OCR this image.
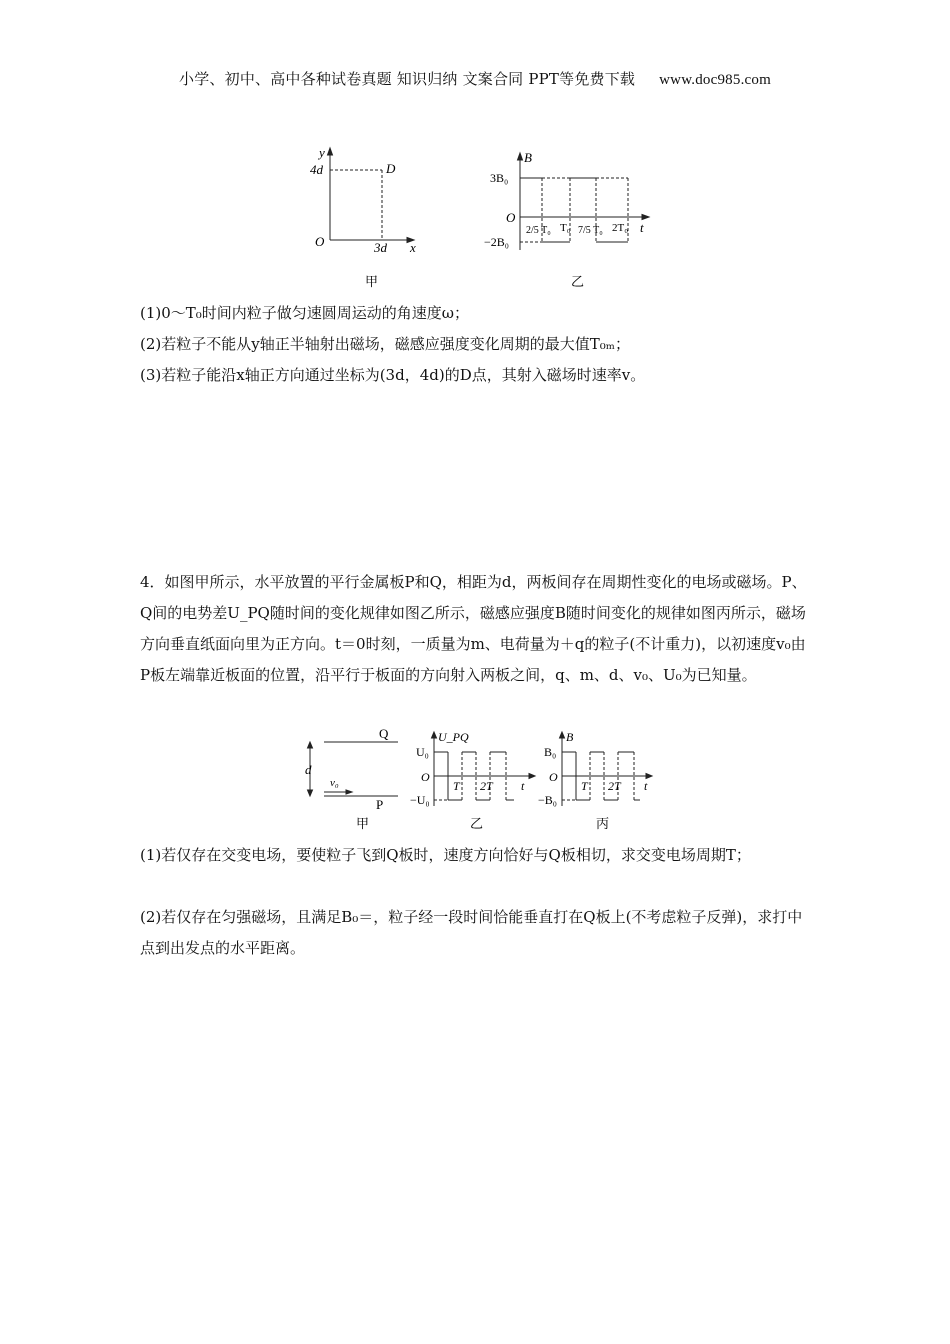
小学、初中、高中各种试卷真题 知识归纳 文案合同 PPT等免费下载 www.doc985.com
y
4d	D
O	3d x
甲
B
3B₀
O
−2B₀
t
2/5 T₀ T₀ 7/5 T₀ 2T₀
乙
(1)0～T₀时间内粒子做匀速圆周运动的角速度ω；
(2)若粒子不能从y轴正半轴射出磁场，磁感应强度变化周期的最大值T₀ₘ；
(3)若粒子能沿x轴正方向通过坐标为(3d，4d)的D点，其射入磁场时速率v。
4．如图甲所示，水平放置的平行金属板P和Q，相距为d，两板间存在周期性变化的电场或磁场。P、Q间的电势差U_PQ随时间的变化规律如图乙所示，磁感应强度B随时间变化的规律如图丙所示，磁场方向垂直纸面向里为正方向。t＝0时刻，一质量为m、电荷量为＋q的粒子(不计重力)，以初速度v₀由P板左端靠近板面的位置，沿平行于板面的方向射入两板之间，q、m、d、v₀、U₀为已知量。
Q
P
d
v₀
甲
U_PQ
U₀
O
−U₀
T 2T t
乙
B
B₀
O
−B₀
T 2T t
丙
(1)若仅存在交变电场，要使粒子飞到Q板时，速度方向恰好与Q板相切，求交变电场周期T；
(2)若仅存在匀强磁场，且满足B₀＝，粒子经一段时间恰能垂直打在Q板上(不考虑粒子反弹)，求打中点到出发点的水平距离。
